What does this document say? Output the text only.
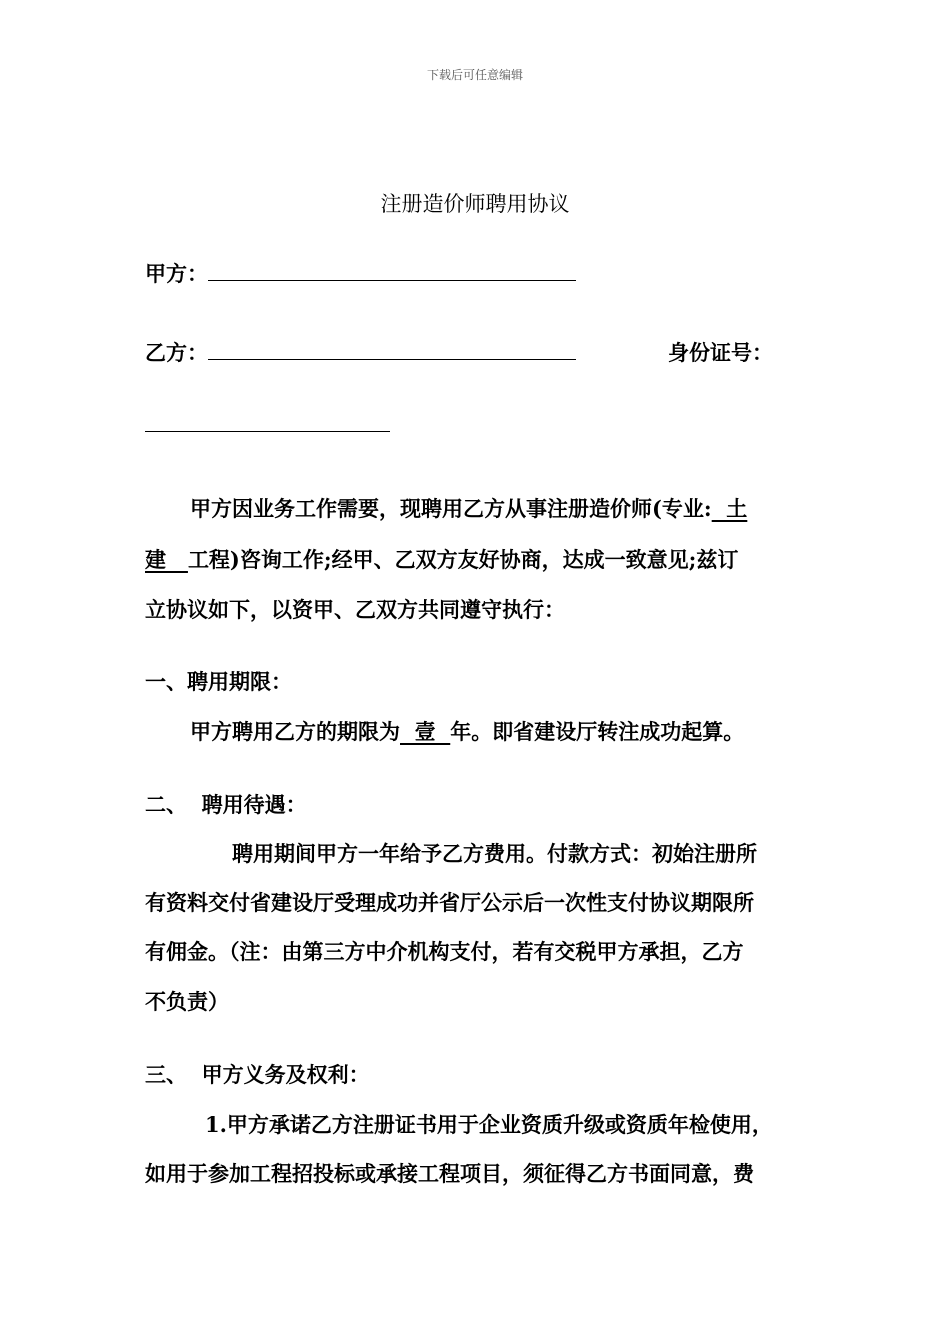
下载后可任意编辑
注册造价师聘用协议
甲方：
乙方：	身份证号：
甲方因业务工作需要，现聘用乙方从事注册造价师(专业:  土
建   工程)咨询工作;经甲、乙双方友好协商，达成一致意见;兹订
立协议如下，以资甲、乙双方共同遵守执行：
一、聘用期限：
甲方聘用乙方的期限为  壹  年。即省建设厅转注成功起算。
二、  聘用待遇：
聘用期间甲方一年给予乙方费用。付款方式：初始注册所
有资料交付省建设厅受理成功并省厅公示后一次性支付协议期限所
有佣金。（注：由第三方中介机构支付，若有交税甲方承担，乙方
不负责）
三、  甲方义务及权利：
1.甲方承诺乙方注册证书用于企业资质升级或资质年检使用，
如用于参加工程招投标或承接工程项目，须征得乙方书面同意，费
